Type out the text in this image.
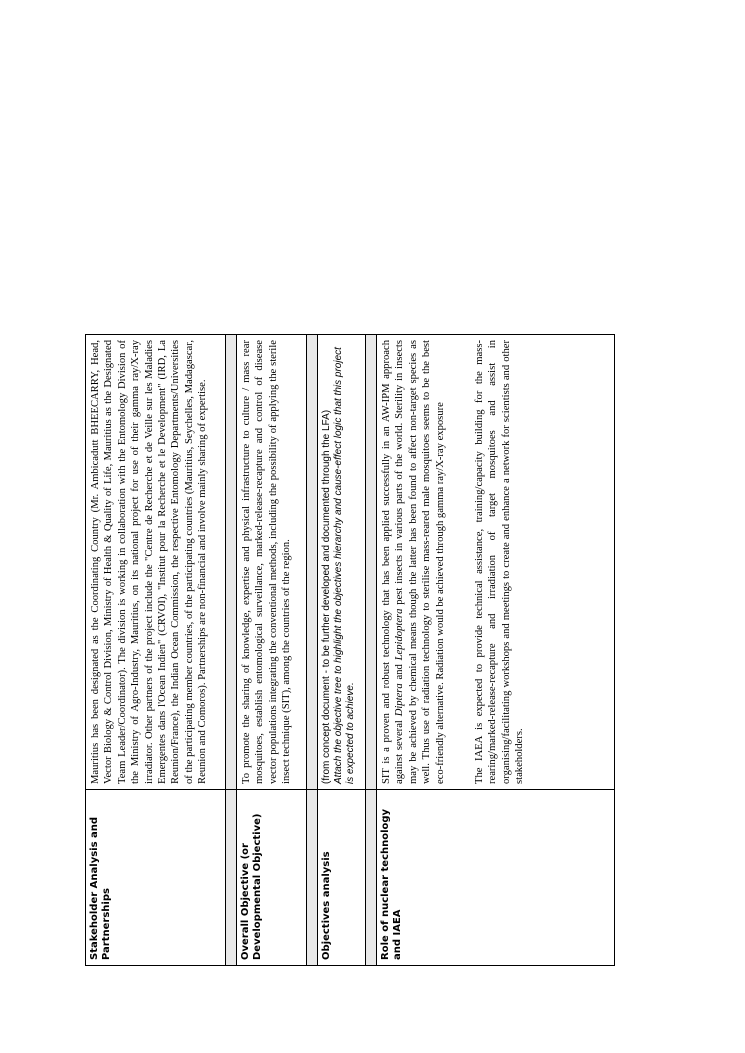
Stakeholder Analysis and Partnerships	Mauritius has been designated as the Coordinating Country (Mr. Ambicadutt BHEECARRY, Head, Vector Biology & Control Division, Ministry of Health & Quality of Life, Mauritius as the Designated Team Leader/Coordinator). The division is working in collaboration with the Entomology Division of the Ministry of Agro-Industry, Mauritius, on its national project for use of their gamma ray/X-ray irradiator. Other partners of the project include the "Centre de Recherche et de Veille sur les Maladies Emergentes dans l'Ocean Indien" (CRVOI), "Institut pour la Recherche et le Development" (IRD, La Reunion/France), the Indian Ocean Commission, the respective Entomology Departments/Universities of the participating member countries, of the participating countries (Mauritius, Seychelles, Madagascar, Reunion and Comoros). Partnerships are non-financial and involve mainly sharing of expertise.

Overall Objective (or Developmental Objective)	To promote the sharing of knowledge, expertise and physical infrastructure to culture / mass rear mosquitoes, establish entomological surveillance, marked-release-recapture and control of disease vector populations integrating the conventional methods, including the possibility of applying the sterile insect technique (SIT), among the countries of the region.

Objectives analysis	(from concept document - to be further developed and documented through the LFA) Attach the objective tree to highlight the objectives hierarchy and cause-effect logic that this project is expected to achieve.

Role of nuclear technology and IAEA	SIT is a proven and robust technology that has been applied successfully in an AW-IPM approach against several Diptera and Lepidoptera pest insects in various parts of the world. Sterility in insects may be achieved by chemical means though the latter has been found to affect non-target species as well. Thus use of radiation technology to sterilise mass-reared male mosquitoes seems to be the best eco-friendly alternative. Radiation would be achieved through gamma ray/X-ray exposure The IAEA is expected to provide technical assistance, training/capacity building for the mass-rearing/marked-release-recapture and irradiation of target mosquitoes and assist in organising/facilitating workshops and meetings to create and enhance a network for scientists and other stakeholders.
